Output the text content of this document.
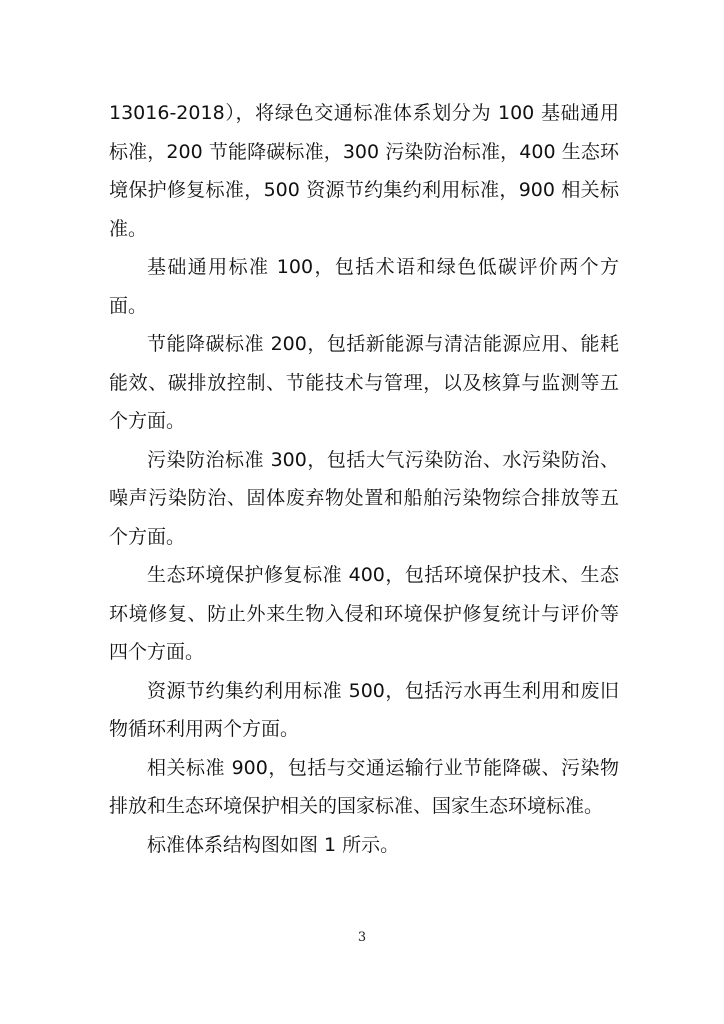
13016-2018），将绿色交通标准体系划分为 100 基础通用标准，200 节能降碳标准，300 污染防治标准，400 生态环境保护修复标准，500 资源节约集约利用标准，900 相关标准。

基础通用标准 100，包括术语和绿色低碳评价两个方面。

节能降碳标准 200，包括新能源与清洁能源应用、能耗能效、碳排放控制、节能技术与管理，以及核算与监测等五个方面。

污染防治标准 300，包括大气污染防治、水污染防治、噪声污染防治、固体废弃物处置和船舶污染物综合排放等五个方面。

生态环境保护修复标准 400，包括环境保护技术、生态环境修复、防止外来生物入侵和环境保护修复统计与评价等四个方面。

资源节约集约利用标准 500，包括污水再生利用和废旧物循环利用两个方面。

相关标准 900，包括与交通运输行业节能降碳、污染物排放和生态环境保护相关的国家标准、国家生态环境标准。

标准体系结构图如图 1 所示。

3
